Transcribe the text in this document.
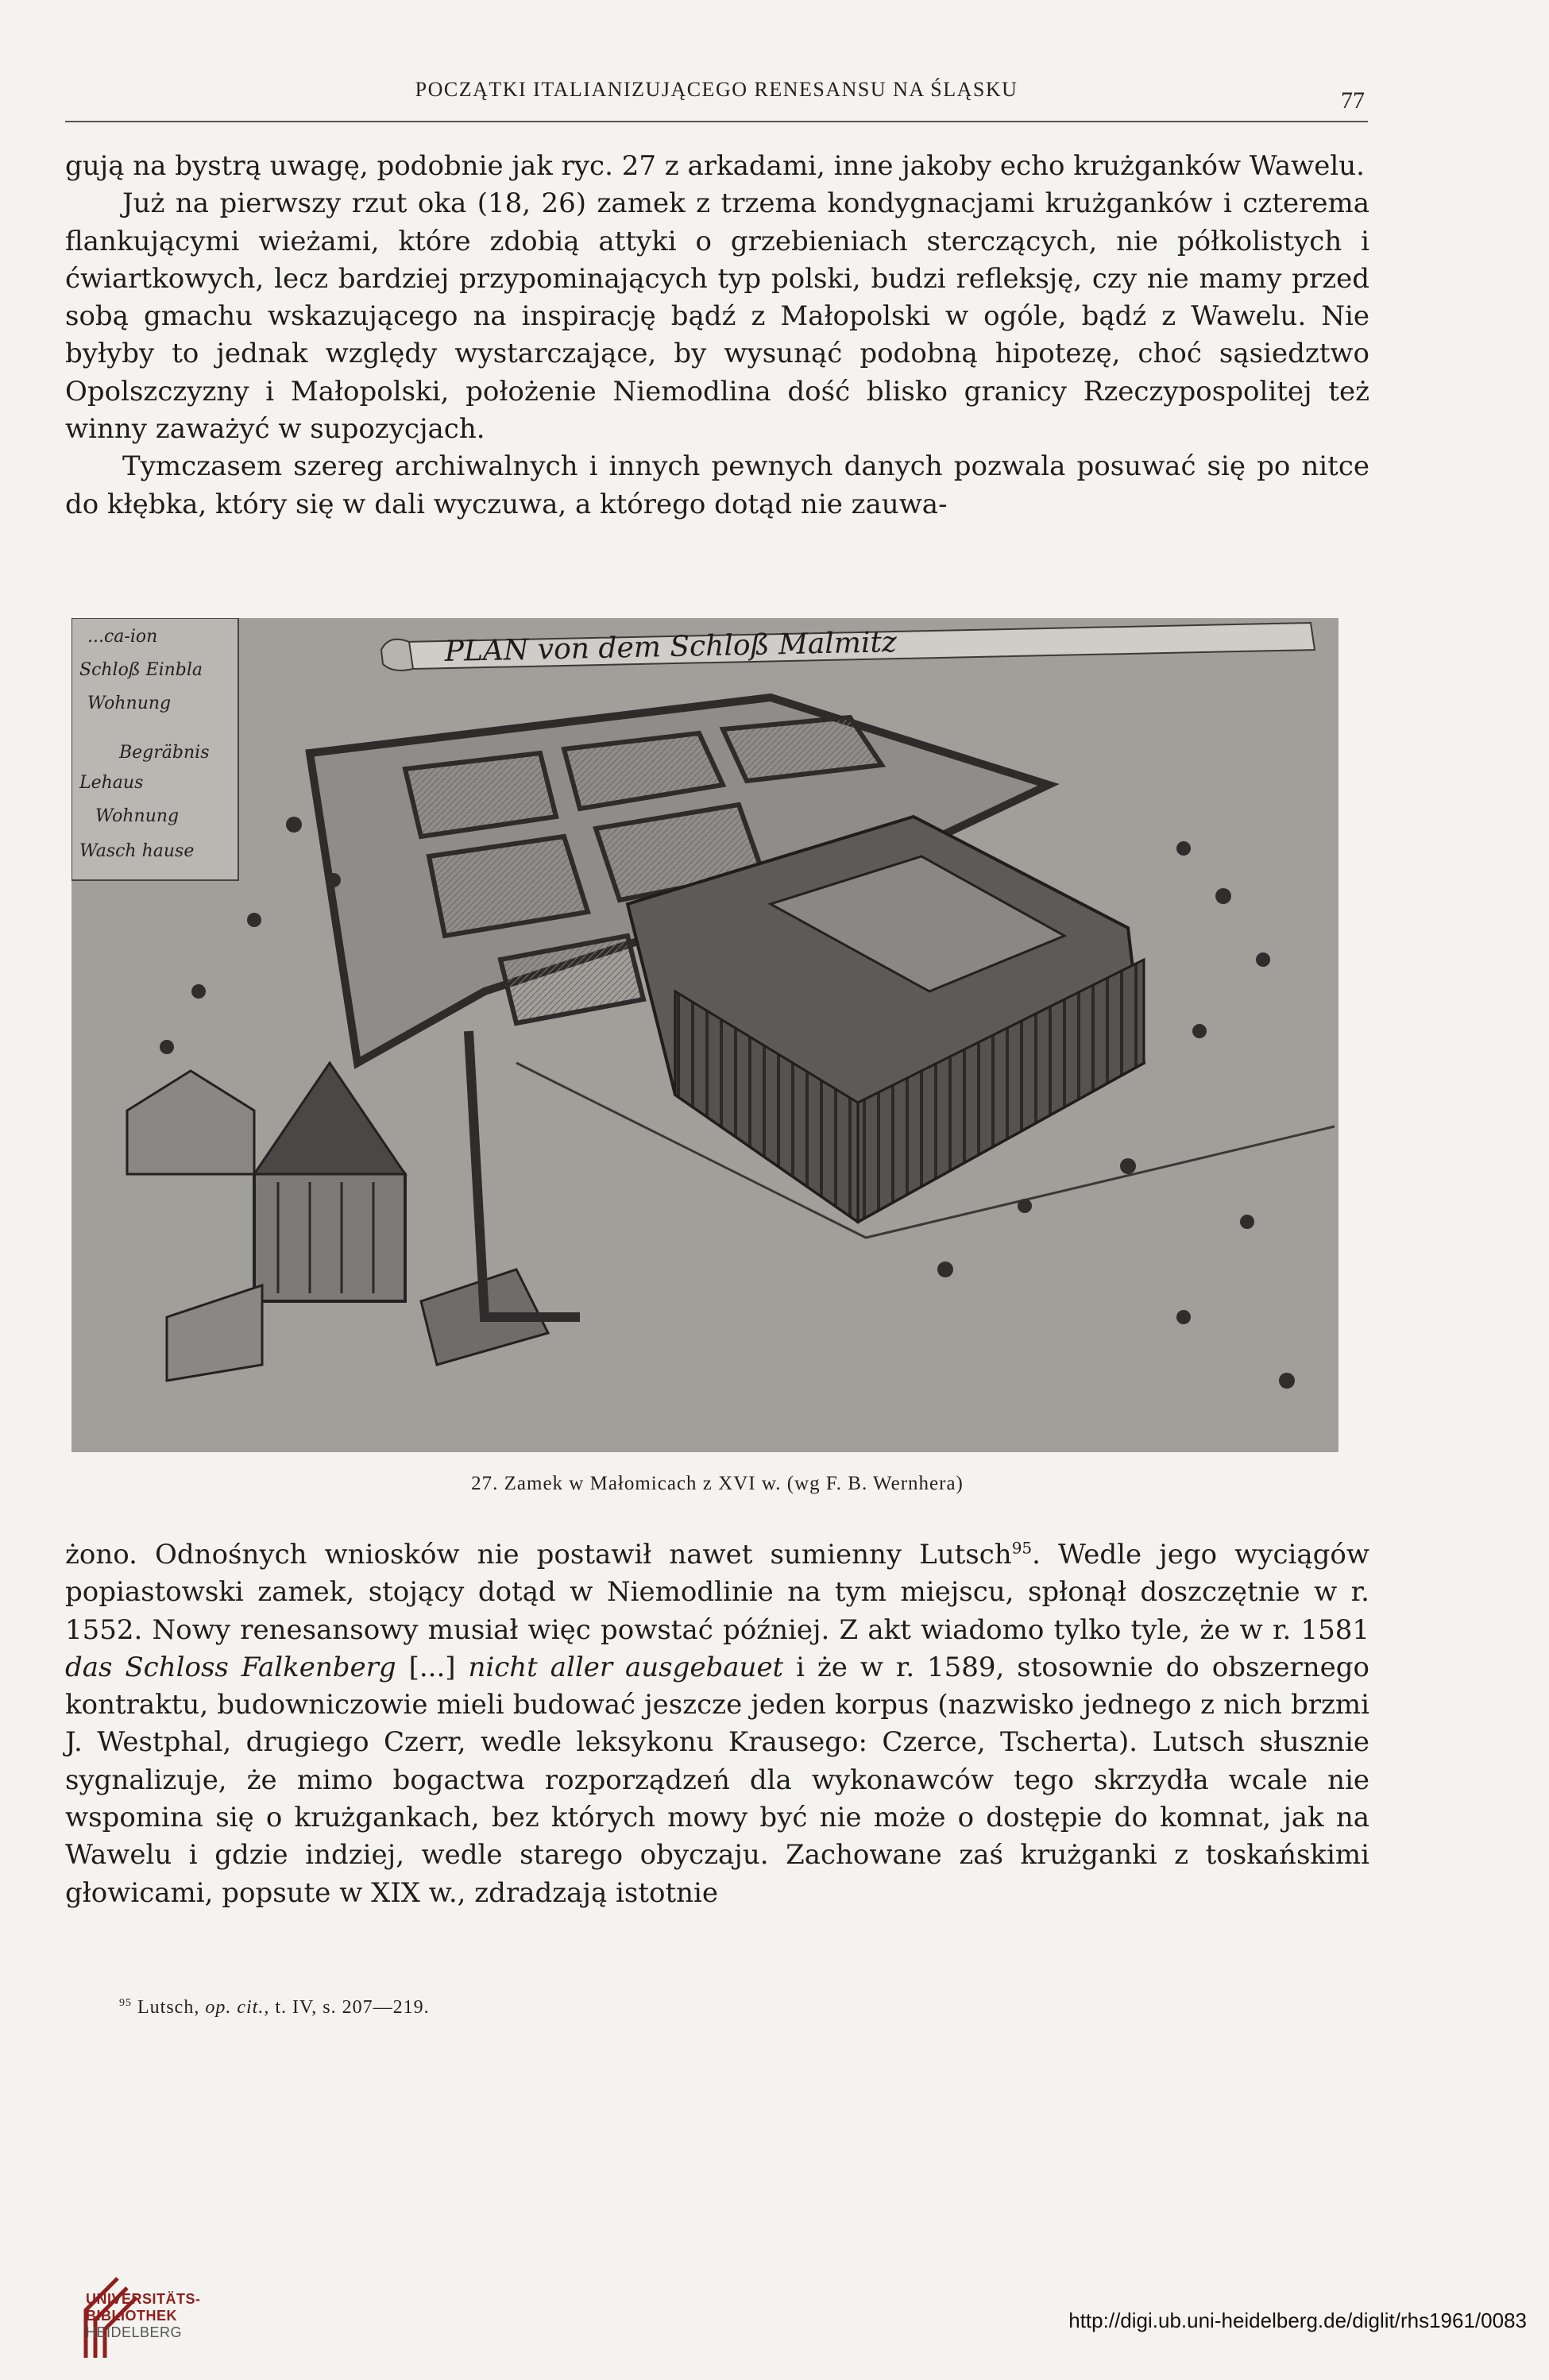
POCZĄTKI ITALIANIZUJĄCEGO RENESANSU NA ŚLĄSKU	77

gują na bystrą uwagę, podobnie jak ryc. 27 z arkadami, inne jakoby echo krużganków Wawelu.

Już na pierwszy rzut oka (18, 26) zamek z trzema kondygnacjami krużganków i czterema flankującymi wieżami, które zdobią attyki o grzebieniach sterczących, nie półkolistych i ćwiartkowych, lecz bardziej przypominających typ polski, budzi refleksję, czy nie mamy przed sobą gmachu wskazującego na inspirację bądź z Małopolski w ogóle, bądź z Wawelu. Nie byłyby to jednak względy wystarczające, by wysunąć podobną hipotezę, choć sąsiedztwo Opolszczyzny i Małopolski, położenie Niemodlina dość blisko granicy Rzeczypospolitej też winny zaważyć w supozycjach.

Tymczasem szereg archiwalnych i innych pewnych danych pozwala posuwać się po nitce do kłębka, który się w dali wyczuwa, a którego dotąd nie zauwa-

PLAN von dem Schloß Malmitz
...ca-ion
Schloß Einbla
Wohnung
Begräbnis
Lehaus
Wohnung
Wasch hause
27. Zamek w Małomicach z XVI w. (wg F. B. Wernhera)

żono. Odnośnych wniosków nie postawił nawet sumienny Lutsch$^{95}$. Wedle jego wyciągów popiastowski zamek, stojący dotąd w Niemodlinie na tym miejscu, spłonął doszczętnie w r. 1552. Nowy renesansowy musiał więc powstać później. Z akt wiadomo tylko tyle, że w r. 1581 das Schloss Falkenberg [...] nicht aller ausgebauet i że w r. 1589, stosownie do obszernego kontraktu, budowniczowie mieli budować jeszcze jeden korpus (nazwisko jednego z nich brzmi J. Westphal, drugiego Czerr, wedle leksykonu Krausego: Czerce, Tscherta). Lutsch słusznie sygnalizuje, że mimo bogactwa rozporządzeń dla wykonawców tego skrzydła wcale nie wspomina się o krużgankach, bez których mowy być nie może o dostępie do komnat, jak na Wawelu i gdzie indziej, wedle starego obyczaju. Zachowane zaś krużganki z toskańskimi głowicami, popsute w XIX w., zdradzają istotnie

$^{95}$ Lutsch, op. cit., t. IV, s. 207—219.
UNIVERSITÄTS-
BIBLIOTHEK
HEIDELBERG	http://digi.ub.uni-heidelberg.de/diglit/rhs1961/0083
